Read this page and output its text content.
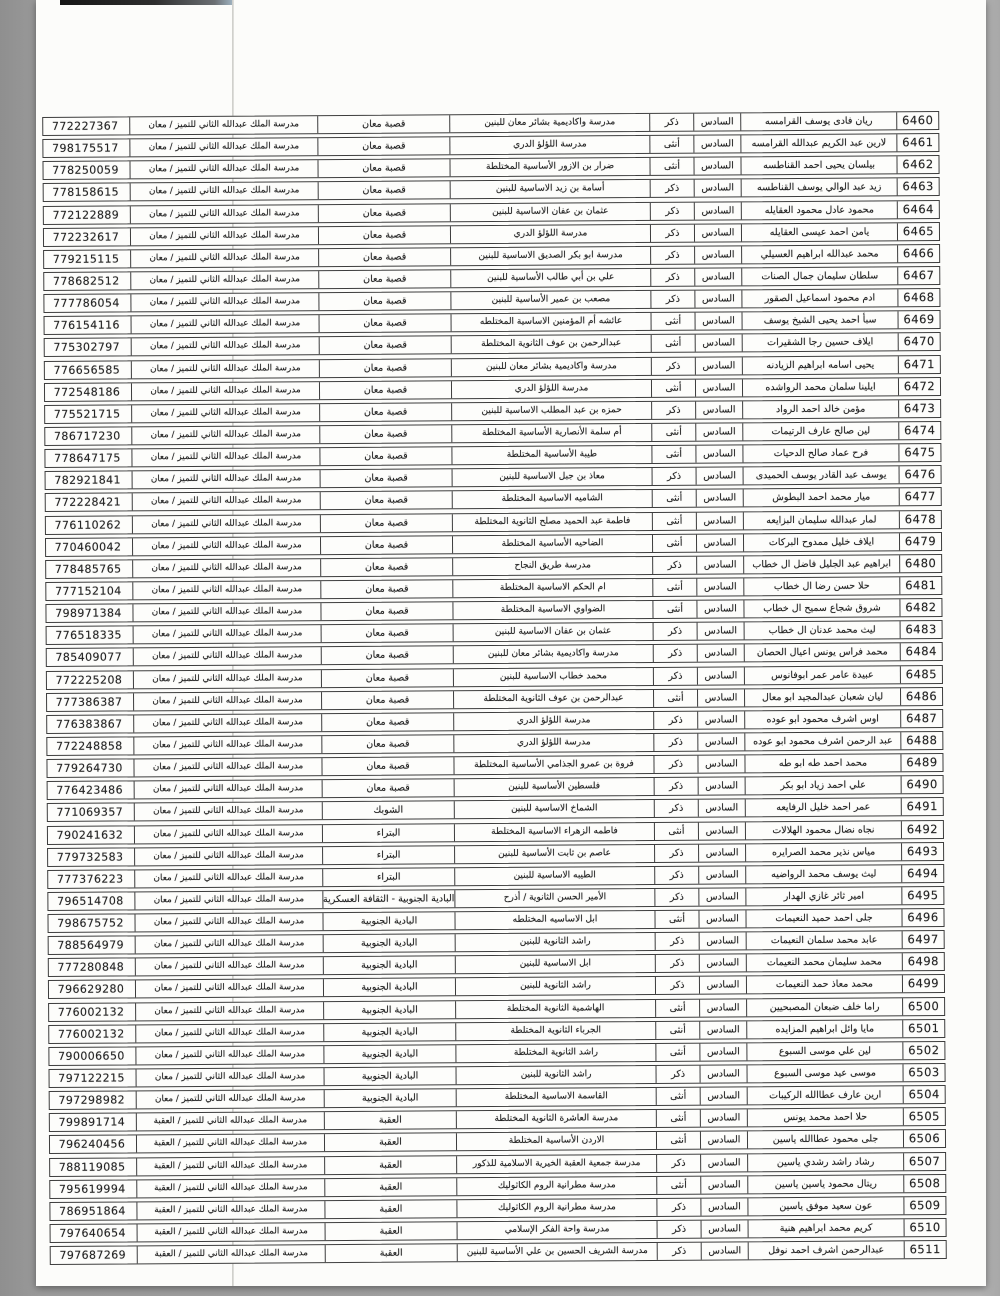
6460
ريان فادى يوسف القرامسه
السادس
ذكر
مدرسة واكاديمية بشائر معان للبنين
قصبة معان
مدرسة الملك عبدالله الثاني للتميز / معان
772227367
6461
لارين عبد الكريم عبدالله القرامسه
السادس
أنثى
مدرسة اللؤلؤ الدري
قصبة معان
مدرسة الملك عبدالله الثاني للتميز / معان
798175517
6462
بيلسان يحيى احمد القناطسه
السادس
أنثى
ضرار بن الازور الأساسية المختلطة
قصبة معان
مدرسة الملك عبدالله الثاني للتميز / معان
778250059
6463
زيد عبد الوالي يوسف القناطسه
السادس
ذكر
أسامة بن زيد الاساسية للبنين
قصبة معان
مدرسة الملك عبدالله الثاني للتميز / معان
778158615
6464
محمود عادل محمود العقايله
السادس
ذكر
عثمان بن عفان الاساسية للبنين
قصبة معان
مدرسة الملك عبدالله الثاني للتميز / معان
772122889
6465
يامن احمد عيسى العقايله
السادس
ذكر
مدرسة اللؤلؤ الدري
قصبة معان
مدرسة الملك عبدالله الثاني للتميز / معان
772232617
6466
محمد عبدالله ابراهيم العسيلي
السادس
ذكر
مدرسة ابو بكر الصديق الاساسية للبنين
قصبة معان
مدرسة الملك عبدالله الثاني للتميز / معان
779215115
6467
سلطان سليمان جمال الصنات
السادس
ذكر
علي بن أبي طالب الأساسية للبنين
قصبة معان
مدرسة الملك عبدالله الثاني للتميز / معان
778682512
6468
ادم محمود اسماعيل الصقور
السادس
ذكر
مصعب بن عمير الأساسية للبنين
قصبة معان
مدرسة الملك عبدالله الثاني للتميز / معان
777786054
6469
سبأ احمد يحيى الشيخ يوسف
السادس
أنثى
عائشه أم المؤمنين الاساسية المختلطه
قصبة معان
مدرسة الملك عبدالله الثاني للتميز / معان
776154116
6470
ايلاف حسين رجا الشقيرات
السادس
أنثى
عبدالرحمن بن عوف الثانوية المختلطة
قصبة معان
مدرسة الملك عبدالله الثاني للتميز / معان
775302797
6471
يحيى اسامه ابراهيم الزيادنه
السادس
ذكر
مدرسة واكاديمية بشائر معان للبنين
قصبة معان
مدرسة الملك عبدالله الثاني للتميز / معان
776656585
6472
ايلينا سلمان محمد الرواشده
السادس
أنثى
مدرسة اللؤلؤ الدري
قصبة معان
مدرسة الملك عبدالله الثاني للتميز / معان
772548186
6473
مؤمن خالد احمد الرواد
السادس
ذكر
حمزه بن عبد المطلب الاساسية للبنين
قصبة معان
مدرسة الملك عبدالله الثاني للتميز / معان
775521715
6474
لين صالح عارف الرتيمات
السادس
أنثى
أم سلمة الأنصارية الأساسية المختلطة
قصبة معان
مدرسة الملك عبدالله الثاني للتميز / معان
786717230
6475
فرح عماد صالح الدحيات
السادس
أنثى
طيبة الأساسية المختلطة
قصبة معان
مدرسة الملك عبدالله الثاني للتميز / معان
778647175
6476
يوسف عبد القادر يوسف الحميدى
السادس
ذكر
معاذ بن جبل الاساسية للبنين
قصبة معان
مدرسة الملك عبدالله الثاني للتميز / معان
782921841
6477
ميار محمد احمد البطوش
السادس
أنثى
الشاميه الاساسية المختلطة
قصبة معان
مدرسة الملك عبدالله الثاني للتميز / معان
772228421
6478
لمار عبدالله سليمان البزايعه
السادس
أنثى
فاطمة عبد الحميد مصلح الثانوية المختلطة
قصبة معان
مدرسة الملك عبدالله الثاني للتميز / معان
776110262
6479
ايلاف خليل ممدوح البركات
السادس
أنثى
الضاحيه الأساسية المختلطة
قصبة معان
مدرسة الملك عبدالله الثاني للتميز / معان
770460042
6480
ابراهيم عبد الجليل فاضل ال خطاب
السادس
ذكر
مدرسة طريق النجاح
قصبة معان
مدرسة الملك عبدالله الثاني للتميز / معان
778485765
6481
حلا حسن رضا ال خطاب
السادس
أنثى
ام الحكم الاساسية المختلطة
قصبة معان
مدرسة الملك عبدالله الثاني للتميز / معان
777152104
6482
شروق شجاع سميح ال خطاب
السادس
أنثى
الضواوي الاساسية المختلطة
قصبة معان
مدرسة الملك عبدالله الثاني للتميز / معان
798971384
6483
ليث محمد عدنان ال خطاب
السادس
ذكر
عثمان بن عفان الاساسية للبنين
قصبة معان
مدرسة الملك عبدالله الثاني للتميز / معان
776518335
6484
محمد فراس يونس اعيال الحصان
السادس
ذكر
مدرسة واكاديمية بشائر معان للبنين
قصبة معان
مدرسة الملك عبدالله الثاني للتميز / معان
785409077
6485
عبيدة عامر عمر ابوفانوس
السادس
ذكر
محمد خطاب الاساسية للبنين
قصبة معان
مدرسة الملك عبدالله الثاني للتميز / معان
772225208
6486
ليان شعبان عبدالمجيد ابو معال
السادس
أنثى
عبدالرحمن بن عوف الثانوية المختلطة
قصبة معان
مدرسة الملك عبدالله الثاني للتميز / معان
777386387
6487
اوس اشرف محمود ابو عوده
السادس
ذكر
مدرسة اللؤلؤ الدري
قصبة معان
مدرسة الملك عبدالله الثاني للتميز / معان
776383867
6488
عبد الرحمن اشرف محمود ابو عوده
السادس
ذكر
مدرسة اللؤلؤ الدري
قصبة معان
مدرسة الملك عبدالله الثاني للتميز / معان
772248858
6489
محمد احمد طه ابو طه
السادس
ذكر
فروة بن عمرو الجذامي الأساسية المختلطة
قصبة معان
مدرسة الملك عبدالله الثاني للتميز / معان
779264730
6490
علي احمد زياد ابو بكر
السادس
ذكر
فلسطين الأساسية للبنين
قصبة معان
مدرسة الملك عبدالله الثاني للتميز / معان
776423486
6491
عمر احمد خليل الرفايعه
السادس
ذكر
الشماخ الاساسية للبنين
الشوبك
مدرسة الملك عبدالله الثاني للتميز / معان
771069357
6492
نجاه نضال محمود الهلالات
السادس
أنثى
فاطمه الزهراء الاساسية المختلطة
البتراء
مدرسة الملك عبدالله الثاني للتميز / معان
790241632
6493
مياس نذير محمد الصرايره
السادس
ذكر
عاصم بن ثابت الأساسية للبنين
البتراء
مدرسة الملك عبدالله الثاني للتميز / معان
779732583
6494
ليث يوسف محمد الرواضيه
السادس
ذكر
الطيبه الاساسية للبنين
البتراء
مدرسة الملك عبدالله الثاني للتميز / معان
777376223
6495
امير ثائر غازي الهدار
السادس
ذكر
الأمير الحسن الثانوية / أذرح
البادية الجنوبية - الثقافة العسكرية
مدرسة الملك عبدالله الثاني للتميز / معان
796514708
6496
جلى احمد حميد النعيمات
السادس
أنثى
ابل الاساسيه المختلطه
البادية الجنوبية
مدرسة الملك عبدالله الثاني للتميز / معان
798675752
6497
عابد محمد سلمان النعيمات
السادس
ذكر
راشد الثانوية للبنين
البادية الجنوبية
مدرسة الملك عبدالله الثاني للتميز / معان
788564979
6498
محمد سليمان محمد النعيمات
السادس
ذكر
ابل الاساسية للبنين
البادية الجنوبية
مدرسة الملك عبدالله الثاني للتميز / معان
777280848
6499
محمد معاذ حمد النعيمات
السادس
ذكر
راشد الثانوية للبنين
البادية الجنوبية
مدرسة الملك عبدالله الثاني للتميز / معان
796629280
6500
راما خلف ضبعان المصبحيين
السادس
أنثى
الهاشمية الثانوية المختلطة
البادية الجنوبية
مدرسة الملك عبدالله الثاني للتميز / معان
776002132
6501
مايا وائل ابراهيم المزايده
السادس
أنثى
الجرباء الثانوية المختلطة
البادية الجنوبية
مدرسة الملك عبدالله الثاني للتميز / معان
776002132
6502
لين علي موسى السبوع
السادس
أنثى
راشد الثانوية المختلطة
البادية الجنوبية
مدرسة الملك عبدالله الثاني للتميز / معان
790006650
6503
موسى عيد موسى السبوع
السادس
ذكر
راشد الثانوية للبنين
البادية الجنوبية
مدرسة الملك عبدالله الثاني للتميز / معان
797122215
6504
ارين عارف عطاالله الركيبات
السادس
أنثى
القاسمة الاساسية المختلطة
البادية الجنوبية
مدرسة الملك عبدالله الثاني للتميز / معان
797298982
6505
حلا احمد محمد يونس
السادس
أنثى
مدرسة العاشرة الثانوية المختلطة
العقبة
مدرسة الملك عبدالله الثاني للتميز / العقبة
799891714
6506
جلى محمود عطاالله ياسين
السادس
أنثى
الاردن الأساسية المختلطة
العقبة
مدرسة الملك عبدالله الثاني للتميز / العقبة
796240456
6507
رشاد راشد رشدي ياسين
السادس
ذكر
مدرسة جمعية العقبة الخيرية الاسلامية للذكور
العقبة
مدرسة الملك عبدالله الثاني للتميز / العقبة
788119085
6508
ريتال محمود ياسين ياسين
السادس
أنثى
مدرسة مطرانية الروم الكاثوليك
العقبة
مدرسة الملك عبدالله الثاني للتميز / العقبة
795619994
6509
عون سعيد موفق ياسين
السادس
ذكر
مدرسة مطرانية الروم الكاثوليك
العقبة
مدرسة الملك عبدالله الثاني للتميز / العقبة
786951864
6510
كريم محمد ابراهيم هنية
السادس
ذكر
مدرسة واحة الفكر الإسلامي
العقبة
مدرسة الملك عبدالله الثاني للتميز / العقبة
797640654
6511
عبدالرحمن اشرف احمد نوفل
السادس
ذكر
مدرسة الشريف الحسين بن علي الأساسية للبنين
العقبة
مدرسة الملك عبدالله الثاني للتميز / العقبة
797687269
